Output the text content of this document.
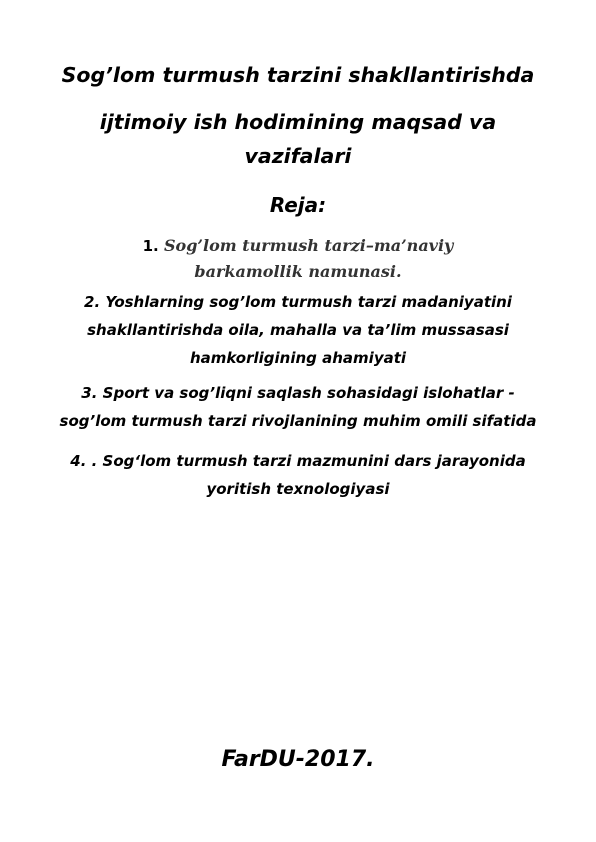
Sog’lom turmush tarzini shakllantirishda

ijtimoiy ish hodimining maqsad va

vazifalari

Reja:

1. Sog’lom turmush tarzi–ma’naviy
barkamollik namunasi.
2. Yoshlarning sog’lom turmush tarzi madaniyatini
shakllantirishda oila, mahalla va ta’lim mussasasi
hamkorligining ahamiyati
3. Sport va sog’liqni saqlash sohasidagi islohatlar -
sog’lom turmush tarzi rivojlanining muhim omili sifatida
4. . Sog‘lom turmush tarzi mazmunini dars jarayonida
yoritish texnologiyasi

FarDU-2017.
